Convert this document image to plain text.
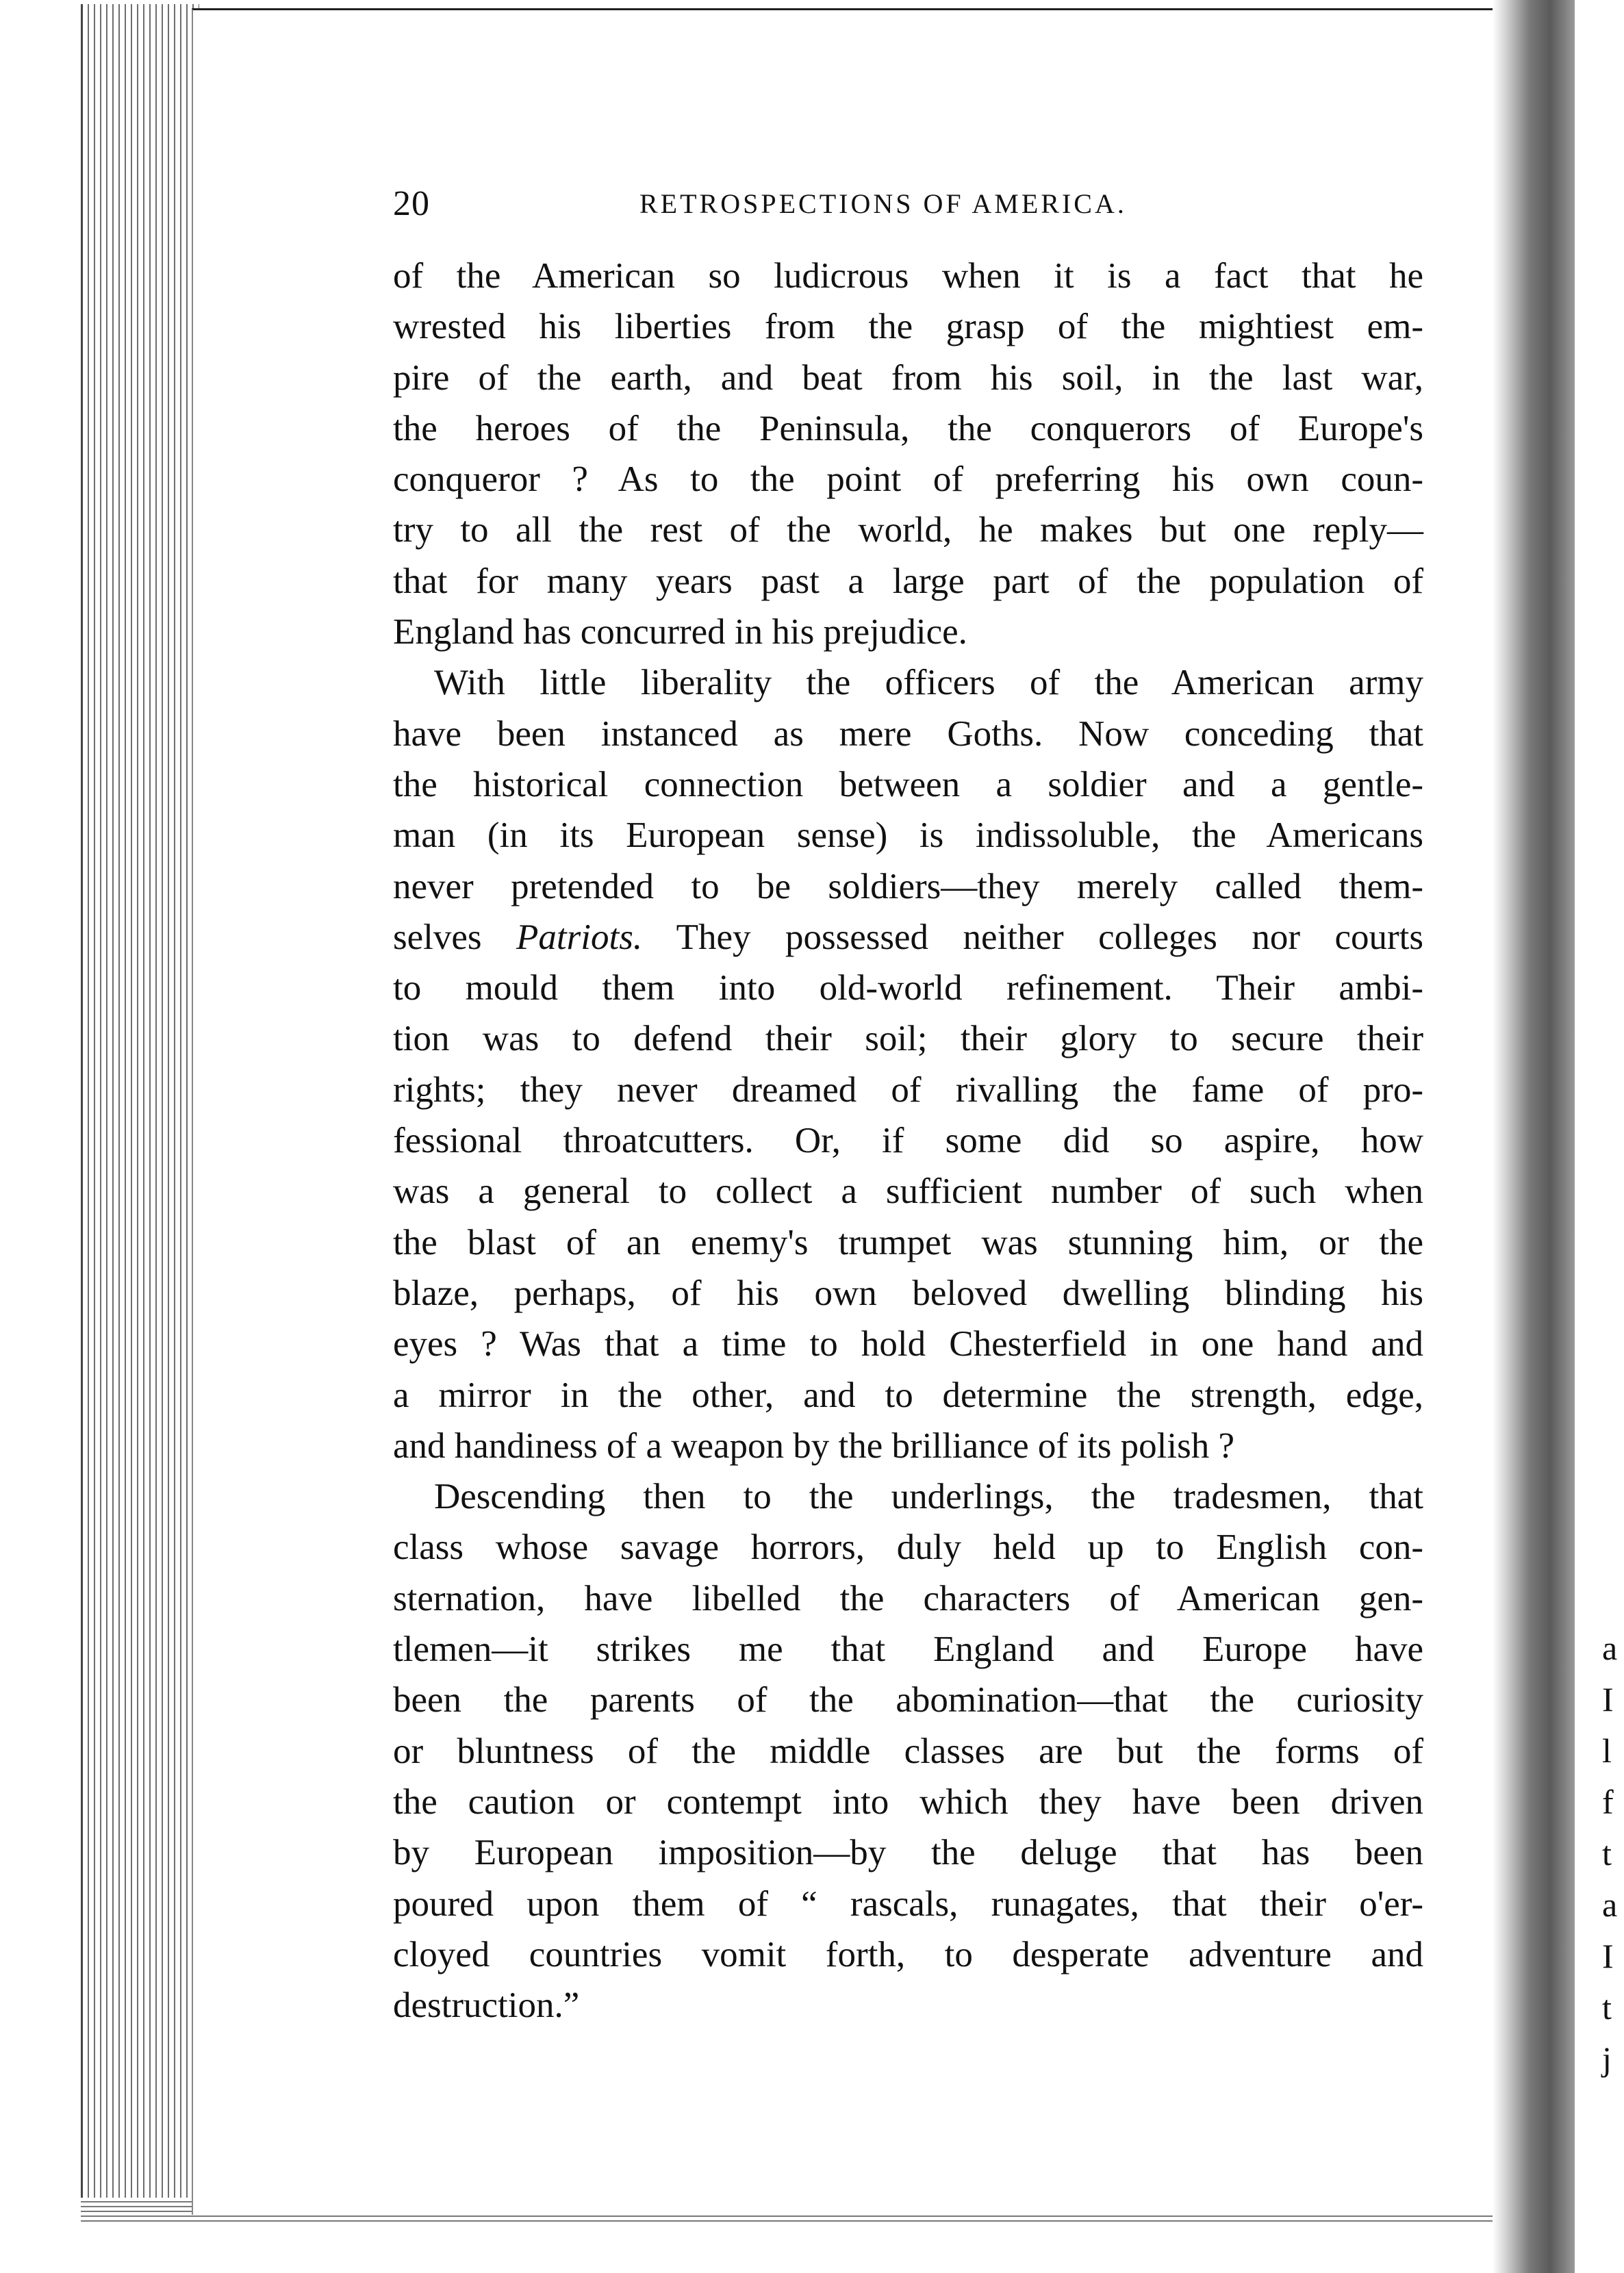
a
I
l
f
t
a
I
t
j
20	RETROSPECTIONS OF AMERICA.
of the American so ludicrous when it is a fact that he
wrested his liberties from the grasp of the mightiest em-
pire of the earth, and beat from his soil, in the last war,
the heroes of the Peninsula, the conquerors of Europe's
conqueror ? As to the point of preferring his own coun-
try to all the rest of the world, he makes but one reply—
that for many years past a large part of the population of
England has concurred in his prejudice.
With little liberality the officers of the American army
have been instanced as mere Goths. Now conceding that
the historical connection between a soldier and a gentle-
man (in its European sense) is indissoluble, the Americans
never pretended to be soldiers—they merely called them-
selves Patriots. They possessed neither colleges nor courts
to mould them into old-world refinement. Their ambi-
tion was to defend their soil; their glory to secure their
rights; they never dreamed of rivalling the fame of pro-
fessional throatcutters. Or, if some did so aspire, how
was a general to collect a sufficient number of such when
the blast of an enemy's trumpet was stunning him, or the
blaze, perhaps, of his own beloved dwelling blinding his
eyes ? Was that a time to hold Chesterfield in one hand and
a mirror in the other, and to determine the strength, edge,
and handiness of a weapon by the brilliance of its polish ?
Descending then to the underlings, the tradesmen, that
class whose savage horrors, duly held up to English con-
sternation, have libelled the characters of American gen-
tlemen—it strikes me that England and Europe have
been the parents of the abomination—that the curiosity
or bluntness of the middle classes are but the forms of
the caution or contempt into which they have been driven
by European imposition—by the deluge that has been
poured upon them of “ rascals, runagates, that their o'er-
cloyed countries vomit forth, to desperate adventure and
destruction.”
